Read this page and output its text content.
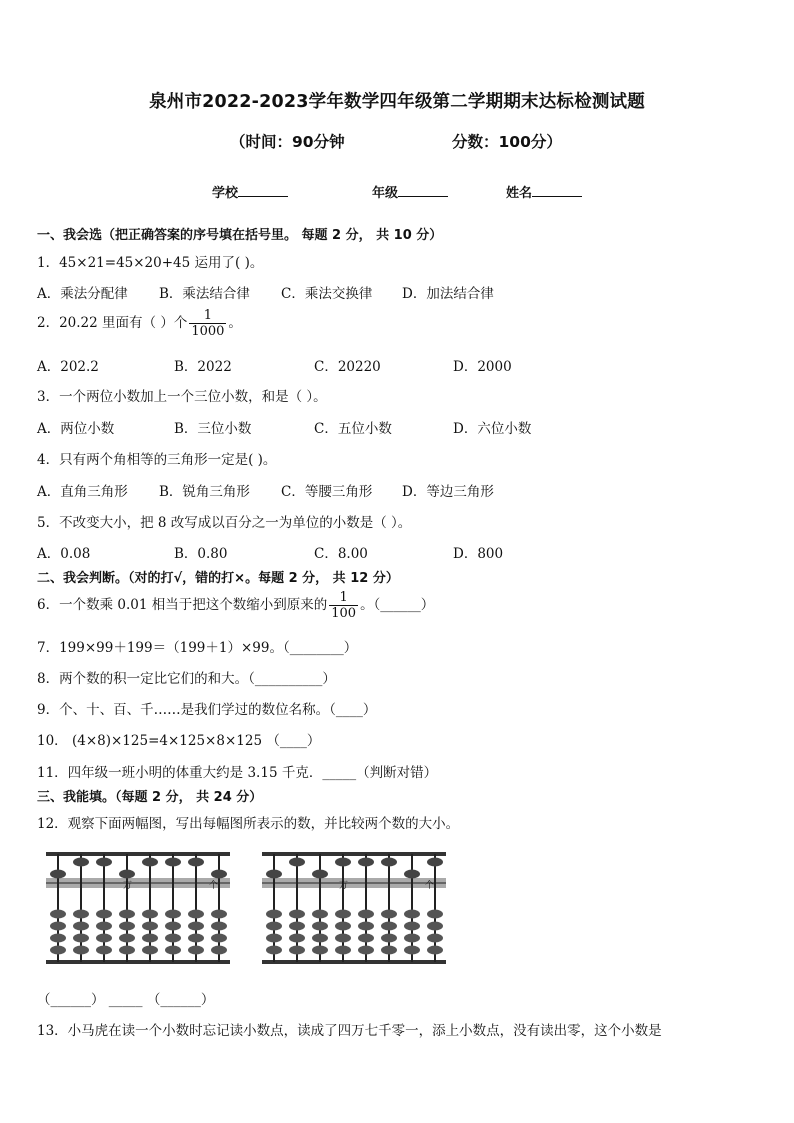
泉州市2022-2023学年数学四年级第二学期期末达标检测试题
（时间：90分钟	分数：100分）
学校	年级	姓名
一、我会选（把正确答案的序号填在括号里。 每题 2 分， 共 10 分）
1．45×21=45×20+45 运用了( )。
A．乘法分配律 B．乘法结合律 C．乘法交换律 D．加法结合律
2．20.22 里面有（ ）个 $\frac{1}{1000}$ 。
A．202.2	B．2022	C．20220	D．2000
3．一个两位小数加上一个三位小数，和是（ ）。
A．两位小数	B．三位小数	C．五位小数	D．六位小数
4．只有两个角相等的三角形一定是( )。
A．直角三角形 B．锐角三角形 C．等腰三角形 D．等边三角形
5．不改变大小，把 8 改写成以百分之一为单位的小数是（ ）。
A．0.08	B．0.80	C．8.00	D．800
二、我会判断。（对的打√，错的打×。每题 2 分， 共 12 分）
6．一个数乘 0.01 相当于把这个数缩小到原来的 $\frac{1}{100}$ 。（______）
7．199×99＋199＝（199＋1）×99。（________）
8．两个数的积一定比它们的和大。（__________）
9．个、十、百、千……是我们学过的数位名称。（____）
10． (4×8)×125=4×125×8×125 （____）
11．四年级一班小明的体重大约是 3.15 千克．_____（判断对错）
三、我能填。（每题 2 分， 共 24 分）
12．观察下面两幅图，写出每幅图所表示的数，并比较两个数的大小。
万	个	万	个
（______） _____ （______）
13．小马虎在读一个小数时忘记读小数点，读成了四万七千零一，添上小数点，没有读出零，这个小数是
